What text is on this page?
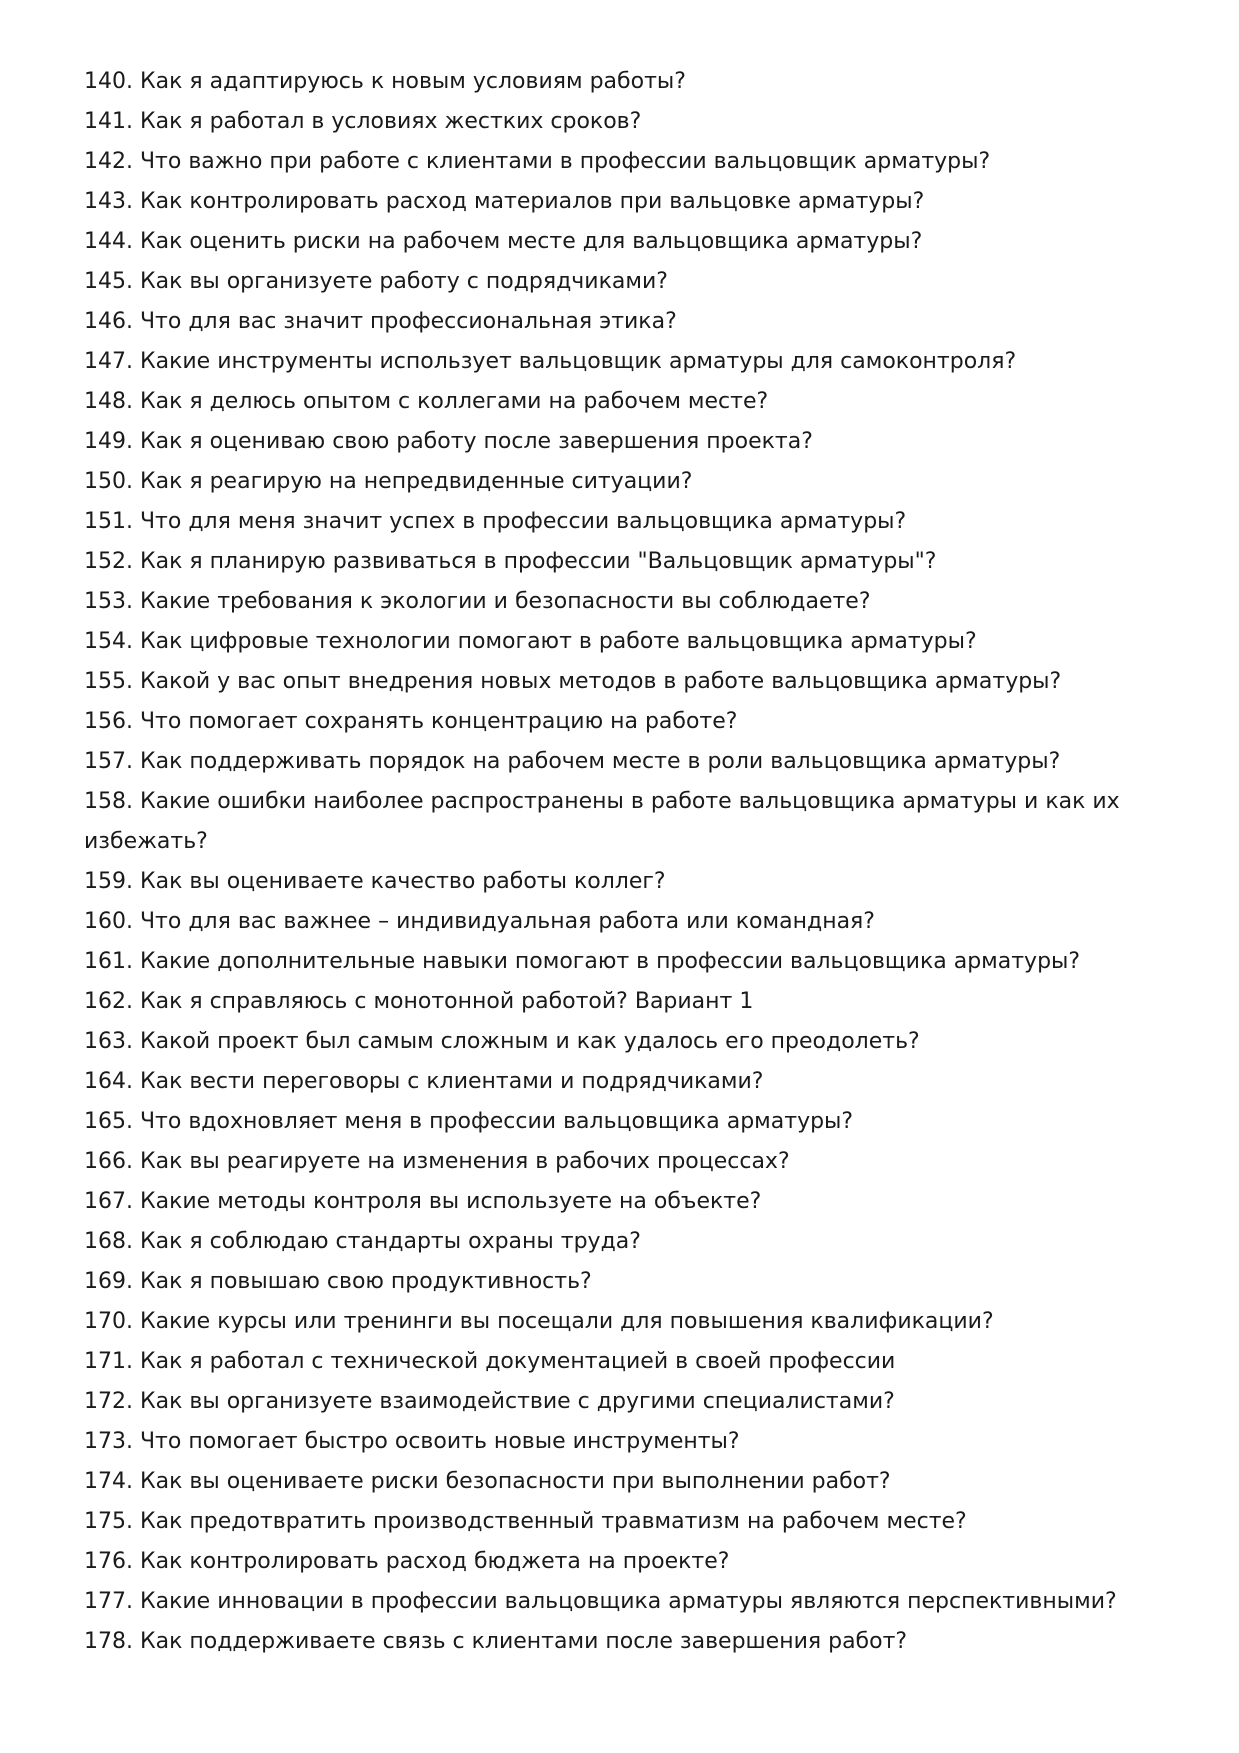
140. Как я адаптируюсь к новым условиям работы?

141. Как я работал в условиях жестких сроков?

142. Что важно при работе с клиентами в профессии вальцовщик арматуры?

143. Как контролировать расход материалов при вальцовке арматуры?

144. Как оценить риски на рабочем месте для вальцовщика арматуры?

145. Как вы организуете работу с подрядчиками?

146. Что для вас значит профессиональная этика?

147. Какие инструменты использует вальцовщик арматуры для самоконтроля?

148. Как я делюсь опытом с коллегами на рабочем месте?

149. Как я оцениваю свою работу после завершения проекта?

150. Как я реагирую на непредвиденные ситуации?

151. Что для меня значит успех в профессии вальцовщика арматуры?

152. Как я планирую развиваться в профессии "Вальцовщик арматуры"?

153. Какие требования к экологии и безопасности вы соблюдаете?

154. Как цифровые технологии помогают в работе вальцовщика арматуры?

155. Какой у вас опыт внедрения новых методов в работе вальцовщика арматуры?

156. Что помогает сохранять концентрацию на работе?

157. Как поддерживать порядок на рабочем месте в роли вальцовщика арматуры?

158. Какие ошибки наиболее распространены в работе вальцовщика арматуры и как их избежать?

159. Как вы оцениваете качество работы коллег?

160. Что для вас важнее – индивидуальная работа или командная?

161. Какие дополнительные навыки помогают в профессии вальцовщика арматуры?

162. Как я справляюсь с монотонной работой? Вариант 1

163. Какой проект был самым сложным и как удалось его преодолеть?

164. Как вести переговоры с клиентами и подрядчиками?

165. Что вдохновляет меня в профессии вальцовщика арматуры?

166. Как вы реагируете на изменения в рабочих процессах?

167. Какие методы контроля вы используете на объекте?

168. Как я соблюдаю стандарты охраны труда?

169. Как я повышаю свою продуктивность?

170. Какие курсы или тренинги вы посещали для повышения квалификации?

171. Как я работал с технической документацией в своей профессии

172. Как вы организуете взаимодействие с другими специалистами?

173. Что помогает быстро освоить новые инструменты?

174. Как вы оцениваете риски безопасности при выполнении работ?

175. Как предотвратить производственный травматизм на рабочем месте?

176. Как контролировать расход бюджета на проекте?

177. Какие инновации в профессии вальцовщика арматуры являются перспективными?

178. Как поддерживаете связь с клиентами после завершения работ?
